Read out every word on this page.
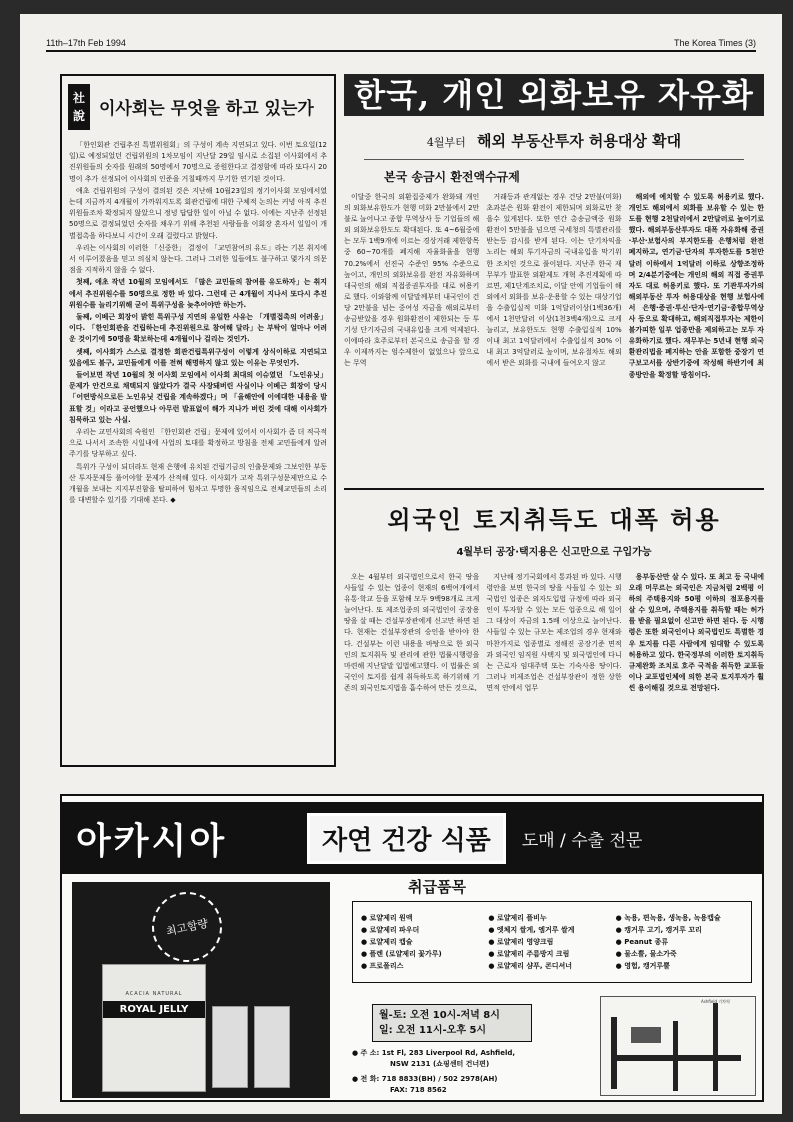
11th–17th Feb 1994	The Korea Times (3)
社
說 이사회는 무엇을 하고 있는가

「한인회관 건립추진 특별위원회」의 구성이 계속 지연되고 있다. 이번 토요일(12일)로 예정되었던 건립위원의 1차모임이 지난달 29일 임시로 소집된 이사회에서 추진위원들의 숫자를 원래의 50명에서 70명으로 증원한다고 결정함에 따라 또다시 20명이 추가 선정되어 이사회의 인준을 거칠때까지 무기한 연기된 것이다.

애초 건립위원의 구성이 결의된 것은 지난해 10월23일의 정기이사회 모임에서였는데 지금까지 4개월이 가까워지도록 회관건립에 대한 구체적 논의는 커녕 아직 추진위원들조차 확정되지 않았으니 정녕 답답한 일이 아닐 수 없다. 이에는 지난주 선정된 50명으로 결정되었던 숫자를 채우기 위해 추천된 사람들을 이회장 혼자서 일일이 개별접촉을 하다보니 시간이 오래 걸렸다고 밝혔다.

우리는 이사회의 이러한 「신중한」 결정이 「교민참여의 유도」라는 기본 취지에서 이루어졌음을 믿고 의심치 않는다. 그러나 그러한 일들에도 불구하고 몇가지 의문점을 지적하지 않을 수 없다.

첫째, 애초 작년 10월의 모임에서도 「많은 교민들의 참여를 유도하자」는 취지에서 추진위원수를 50명으로 정한 바 있다. 그런데 근 4개월이 지나서 또다시 추진위원수를 늘리기위해 굳이 특위구성을 늦추어야만 하는가.

둘째, 이베근 회장이 밝힌 특위구성 지연의 유일한 사유는 「개별접촉의 어려움」이다. 「한인회관을 건립하는데 추진위원으로 참여해 달라」는 부탁이 얼마나 어려운 것이기에 50명을 확보하는데 4개월이나 걸리는 것인가.

셋째, 이사회가 스스로 결정한 회관건립특위구성이 이렇게 상식이하로 지연되고 있음에도 불구, 교민들에게 이를 전혀 해명하지 않고 있는 이유는 무엇인가.

들어보면 작년 10월의 첫 이사회 모임에서 이사회 최대의 이슈였던 「노인유닛」문제가 안건으로 채택되지 않았다가 결국 사장돼버린 사실이나 이베근 회장이 당시 「어떤방식으로든 노인유닛 건립을 계속하겠다」며 「올해안에 이에대한 내용을 발표할 것」이라고 공언했으나 아무런 발표없이 해가 지나가 버린 것에 대해 이사회가 침묵하고 있는 사실.

우리는 교민사회의 숙원인 「한인회관 건립」문제에 있어서 이사회가 좀 더 적극적으로 나서서 조속한 시일내에 사업의 토대를 확정하고 방침을 전체 교민들에게 알려주기를 당부하고 싶다.

특위가 구성이 되더라도 현재 은행에 유치된 건립기금의 인출문제와 그보인한 부동산 투자문제등 풀어야할 문제가 산적해 있다. 이사회가 고작 특위구성문제만으로 수개월을 보내는 지지부진함을 탈피하여 힘차고 투명한 움직임으로 전체교민들의 소리를 대변할수 있기를 기대해 본다. ◆

한국, 개인 외화보유 자유화
4월부터 해외 부동산투자 허용대상 확대
본국 송금시 환전액수규제

이달중 한국의 외환집중제가 완화돼 개인의 외화보유한도가 현행 미화 2만불에서 2만불로 늘어나고 종합 무역상사 등 기업들의 해외 외화보유한도도 확대된다. 또 4~6월중에는 모두 1백9개에 이르는 경상거래 제한항목중 60~70개를 폐지해 자율화율을 현행 70.2%에서 선진국 수준인 95% 수준으로 높이고, 개인의 외화보유를 완전 자유화하며 대국인의 해외 직접증권투자를 대로 허용키로 했다. 이와함께 이달말께부터 내국인이 건당 2만불을 넘는 중여성 자금을 해외로부터 송금받았을 경우 원화환전이 제한되는 등 투기성 단기자금의 국내유입을 크게 억제된다. 이에따라 호주로부터 본국으로 송금을 할 경우 이제까지는 엄수제한이 없었으나 앞으로는 무역

거래등과 관계없는 경우 건당 2만불(미화) 초과분은 원화 환전이 제한되며 외화로만 찾을수 있게된다. 또한 연간 총송금액중 원화 환전이 5만불을 넘으면 국세청의 특별관리를 받는등 감시를 받게 된다. 이는 단기차익을 노리는 해외 투기자금의 국내유입을 막기위한 조치인 것으로 풀이된다. 지난주 한국 재무부가 발표한 외환제도 개혁 추진계획에 따르면, 제1단계조치로, 이달 안에 기업들이 해외에서 외화를 보유·운용할 수 있는 대상기업을 수출입실적 미화 1억달러이상(1백36개)에서 1천만달러 이상(1천3백4개)으로 크게 늘리고, 보유한도도 현행 수출입실적 10% 이내 최고 1억달러에서 수출입실적 30% 이내 최고 3억달러로 높이며, 보유절차도 해외에서 받은 외화를 국내에 들여오지 않고

해외에 예치할 수 있도록 허용키로 했다. 개인도 해외에서 외화를 보유할 수 있는 한도를 현행 2천달러에서 2만달러로 높이기로 했다. 해외부동산투자도 대폭 자유화해 증권·부산·보험사의 부지한도를 은행처럼 완전 폐지하고, 연기금·단자의 투자한도를 5천만달러 이하에서 1억달러 이하로 상향조정하며 2/4분기중에는 개인의 해외 직접 증권투자도 대로 허용키로 했다. 또 기관투자가의 해외부동산 투자 허용대상을 현행 보험사에서 은행·증권·투신·단자·연기금·종합무역상사 등으로 확대하고, 해외직접투자는 제한이 불가피한 일부 업종만을 제외하고는 모두 자유화하기로 했다. 재무부는 5년내 현행 외국환관리법을 폐지하는 안을 포함한 중장기 연구보고서를 상반기중에 작성해 하반기에 최종방안을 확정할 방침이다.

외국인 토지취득도 대폭 허용
4월부터 공장·택지용은 신고만으로 구입가능

오는 4월부터 외국법인으로서 한국 땅을 사들일 수 있는 업종이 현재의 6백여개에서 유통·학교 등을 포함해 모두 9백98개로 크게 늘어난다. 또 제조업종의 외국법인이 공장용 땅을 살 때는 건설부장관에게 신고만 하면 된다. 현재는 건설부장관의 승인을 받아야 한다. 건설부는 이런 내용을 바탕으로 한 외국인의 토지취득 및 관리에 관한 법률시행령을 마련해 지난달말 입법예고했다. 이 법률은 외국인이 토지를 쉽게 취득하도록 하기위해 기존의 외국인토지법을 흡수하여 만든 것으로,

지난해 정기국회에서 통과된 바 있다. 시행령안을 보면 한국의 땅을 사들일 수 있는 외국법인 업종은 외자도입법 규정에 따라 외국인이 투자할 수 있는 모든 업종으로 해 일어 그 대상이 자금의 1.5배 이상으로 늘어난다. 사들일 수 있는 규모는 제조업의 경우 현재와 마찬가지로 업종별로 정해진 공장기준 면적과 외국인 임직원 사택지 및 외국법인에 다니는 근로자 임대주택 또는 기숙사용 땅이다. 그러나 비제조업은 건설부장관이 정한 상한면적 안에서 업무

용부동산만 살 수 있다. 또 최고 등 국내에 오래 머무르는 외국인은 지금처럼 2백평 이하의 주택용지와 50평 이하의 점포용지를 살 수 있으며, 주택용지를 취득할 때는 허가를 받을 필요없이 신고만 하면 된다. 등 시행령은 또한 외국인이나 외국법인도 특별한 경우 토지를 다른 사람에게 임대할 수 있도록 허용하고 있다. 한국정부의 이러한 토지취득규제완화 조치로 호주 국적을 취득한 교포들이나 교포법인체에 의한 본국 토지투자가 훨씬 용이해질 것으로 전망된다.

아카시아	자연 건강 식품	도매 / 수출 전문
최고함량
ACACIA NATURAL
ROYAL JELLY
취급품목
● 로얄제리 원액
● 로얄제리 파우더
● 로얄제리 캡슐
● 플렌 (로얄제리 꽃가루)
● 프로폴리스
● 로얄제리 플비누
● 엣체지 쌀게, 엠거루 쌀게
● 로얄제리 영양크림
● 로얄제리 주름방지 크림
● 로얄제리 샴푸, 콘디셔너
● 녹용, 편녹용, 생녹용, 녹용캡슐
● 캥거루 고기, 캥거루 꼬리
● Peanut 종류
● 물소뿔, 물소가죽
● 영험, 캥거루뿔
월-토: 오전 10시-저녁 8시
일: 오전 11시-오후 5시
● 주 소: 1st Fl, 283 Liverpool Rd, Ashfield,
NSW 2131 (쇼핑센터 건너편)
● 전 화: 718 8833(BH) / 502 2978(AH)
FAX: 718 8562
Ashfield 기차역
